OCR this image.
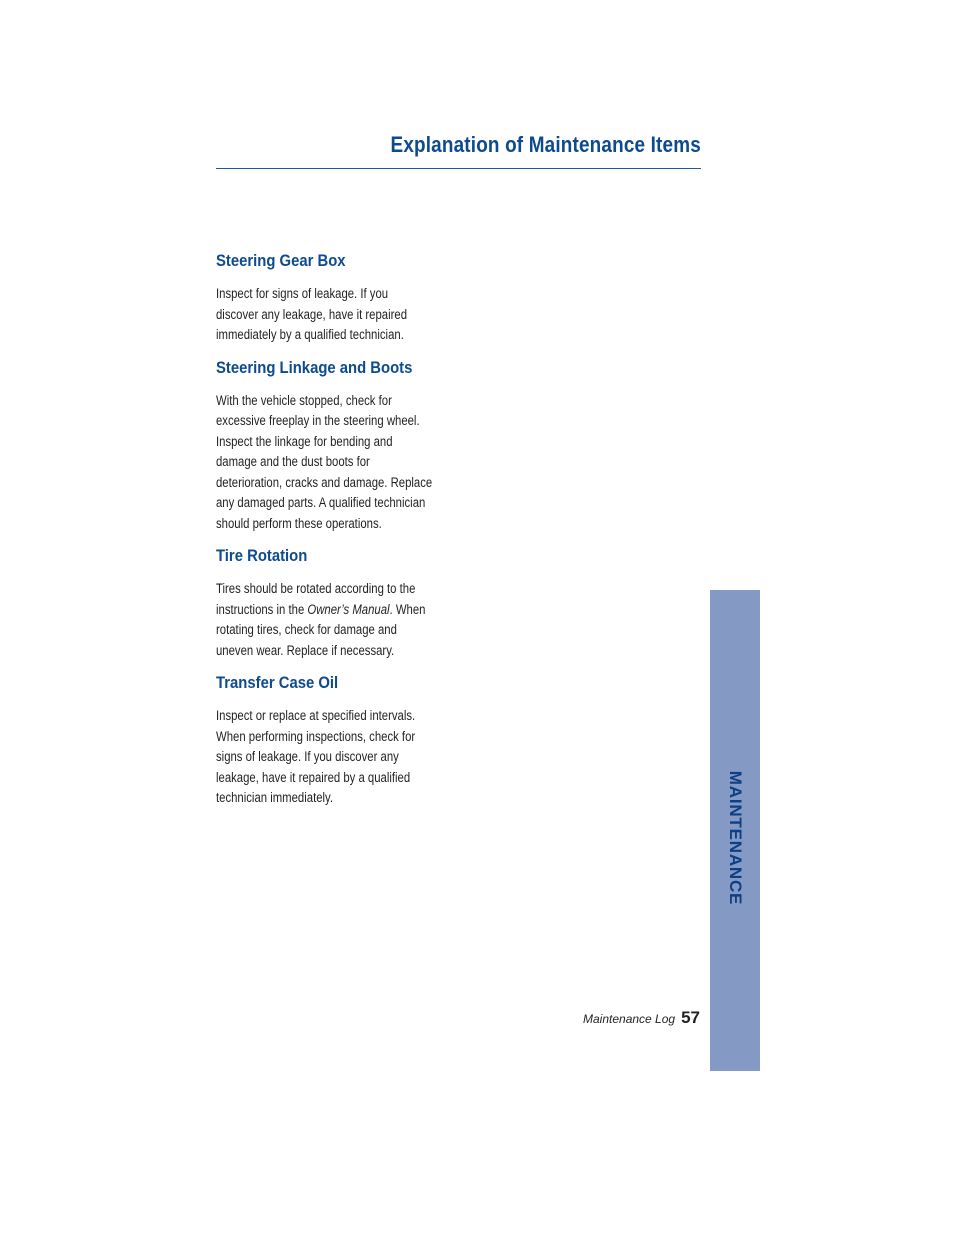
Explanation of Maintenance Items
Steering Gear Box
Inspect for signs of leakage. If you
discover any leakage, have it repaired
immediately by a qualified technician.
Steering Linkage and Boots
With the vehicle stopped, check for
excessive freeplay in the steering wheel.
Inspect the linkage for bending and
damage and the dust boots for
deterioration, cracks and damage. Replace
any damaged parts. A qualified technician
should perform these operations.
Tire Rotation
Tires should be rotated according to the
instructions in the Owner’s Manual. When
rotating tires, check for damage and
uneven wear. Replace if necessary.
Transfer Case Oil
Inspect or replace at specified intervals.
When performing inspections, check for
signs of leakage. If you discover any
leakage, have it repaired by a qualified
technician immediately.	MAINTENANCE
Maintenance Log 57
